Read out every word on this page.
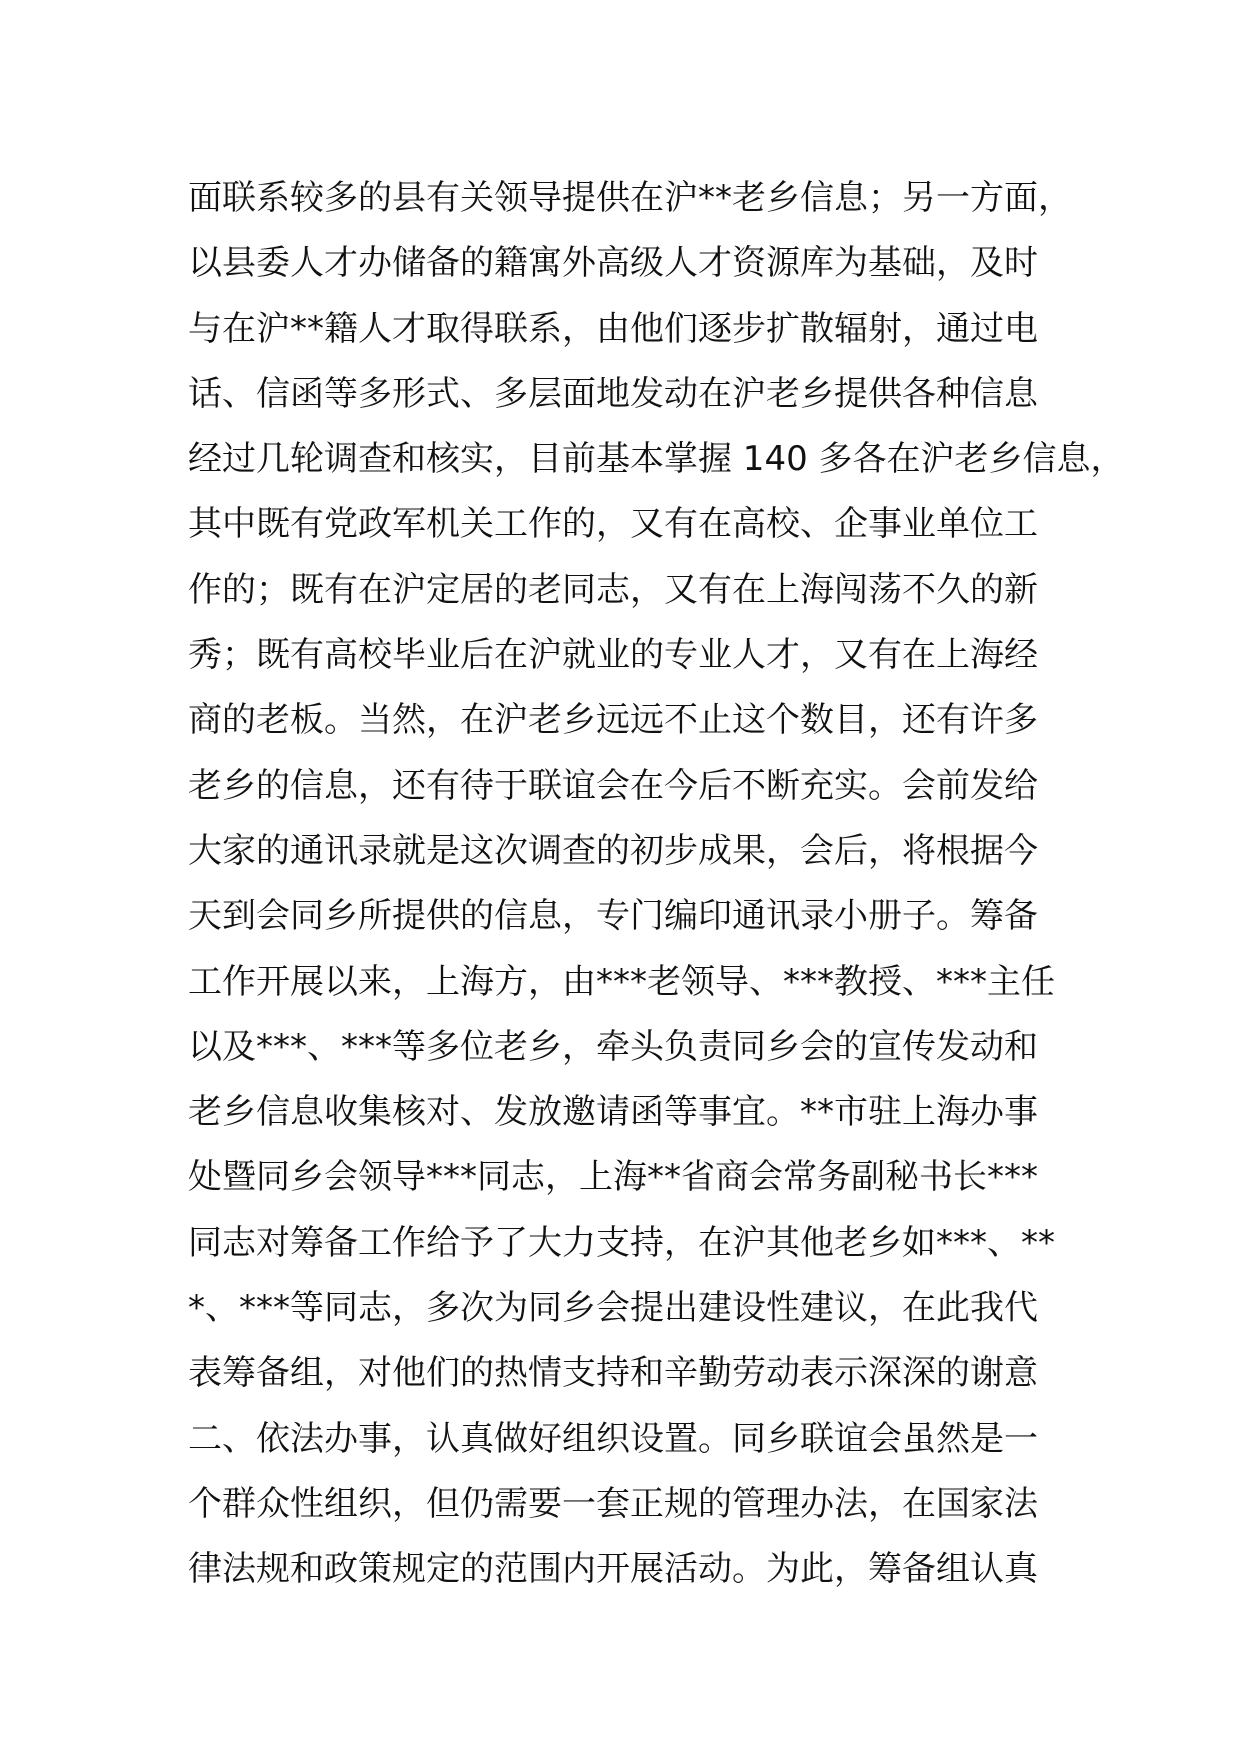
面联系较多的县有关领导提供在沪**老乡信息；另一方面，
以县委人才办储备的籍寓外高级人才资源库为基础，及时
与在沪**籍人才取得联系，由他们逐步扩散辐射，通过电
话、信函等多形式、多层面地发动在沪老乡提供各种信息
经过几轮调查和核实，目前基本掌握 140 多各在沪老乡信息，
其中既有党政军机关工作的，又有在高校、企事业单位工
作的；既有在沪定居的老同志，又有在上海闯荡不久的新
秀；既有高校毕业后在沪就业的专业人才，又有在上海经
商的老板。当然，在沪老乡远远不止这个数目，还有许多
老乡的信息，还有待于联谊会在今后不断充实。会前发给
大家的通讯录就是这次调查的初步成果，会后，将根据今
天到会同乡所提供的信息，专门编印通讯录小册子。筹备
工作开展以来，上海方，由***老领导、***教授、***主任
以及***、***等多位老乡，牵头负责同乡会的宣传发动和
老乡信息收集核对、发放邀请函等事宜。**市驻上海办事
处暨同乡会领导***同志，上海**省商会常务副秘书长***
同志对筹备工作给予了大力支持，在沪其他老乡如***、**
*、***等同志，多次为同乡会提出建设性建议，在此我代
表筹备组，对他们的热情支持和辛勤劳动表示深深的谢意
二、依法办事，认真做好组织设置。同乡联谊会虽然是一
个群众性组织，但仍需要一套正规的管理办法，在国家法
律法规和政策规定的范围内开展活动。为此，筹备组认真
